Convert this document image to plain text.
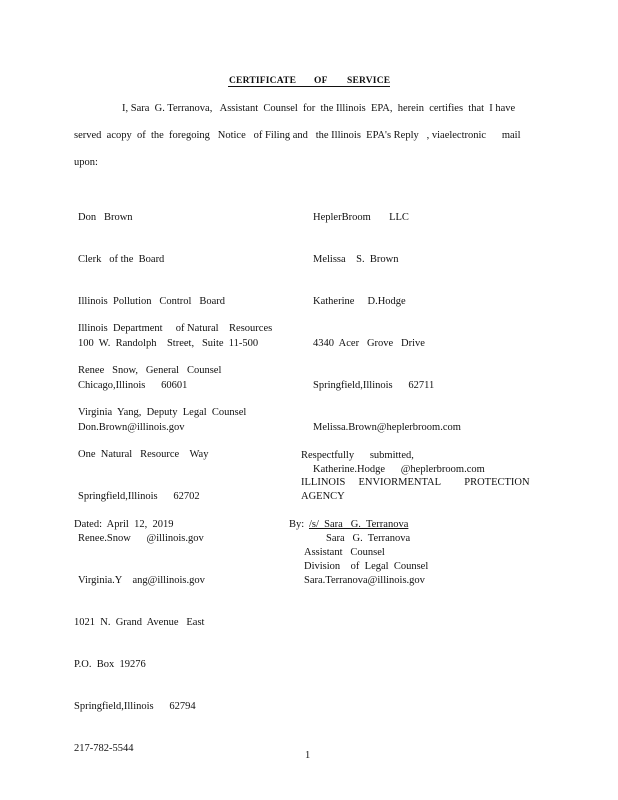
CERTIFICATE OF SERVICE
I, Sara  G. Terranova,   Assistant  Counsel  for  the Illinois  EPA,  herein  certifies  that  I have
served  acopy  of  the  foregoing   Notice   of Filing and   the Illinois  EPA's Reply   , viaelectronic      mail
upon:

Don   Brown

Clerk   of the  Board

Illinois  Pollution   Control   Board

100  W.  Randolph    Street,   Suite  11-500

Chicago,Illinois      60601

Don.Brown@illinois.gov

HeplerBroom       LLC

Melissa    S.  Brown

Katherine     D.Hodge

4340  Acer   Grove   Drive

Springfield,Illinois      62711

Melissa.Brown@heplerbroom.com

Katherine.Hodge      @heplerbroom.com

Illinois  Department     of Natural    Resources

Renee   Snow,   General   Counsel

Virginia  Yang,  Deputy  Legal  Counsel

One  Natural   Resource    Way

Springfield,Illinois      62702

Renee.Snow      @illinois.gov

Virginia.Y    ang@illinois.gov

Respectfully      submitted,
ILLINOIS     ENVIORMENTAL         PROTECTION
AGENCY
Dated:  April  12,  2019	By: /s/  Sara   G.  Terranova
Sara   G.  Terranova
Assistant   Counsel
Division    of  Legal  Counsel
Sara.Terranova@illinois.gov

1021  N.  Grand  Avenue   East

P.O.  Box  19276

Springfield,Illinois      62794

217-782-5544

1
